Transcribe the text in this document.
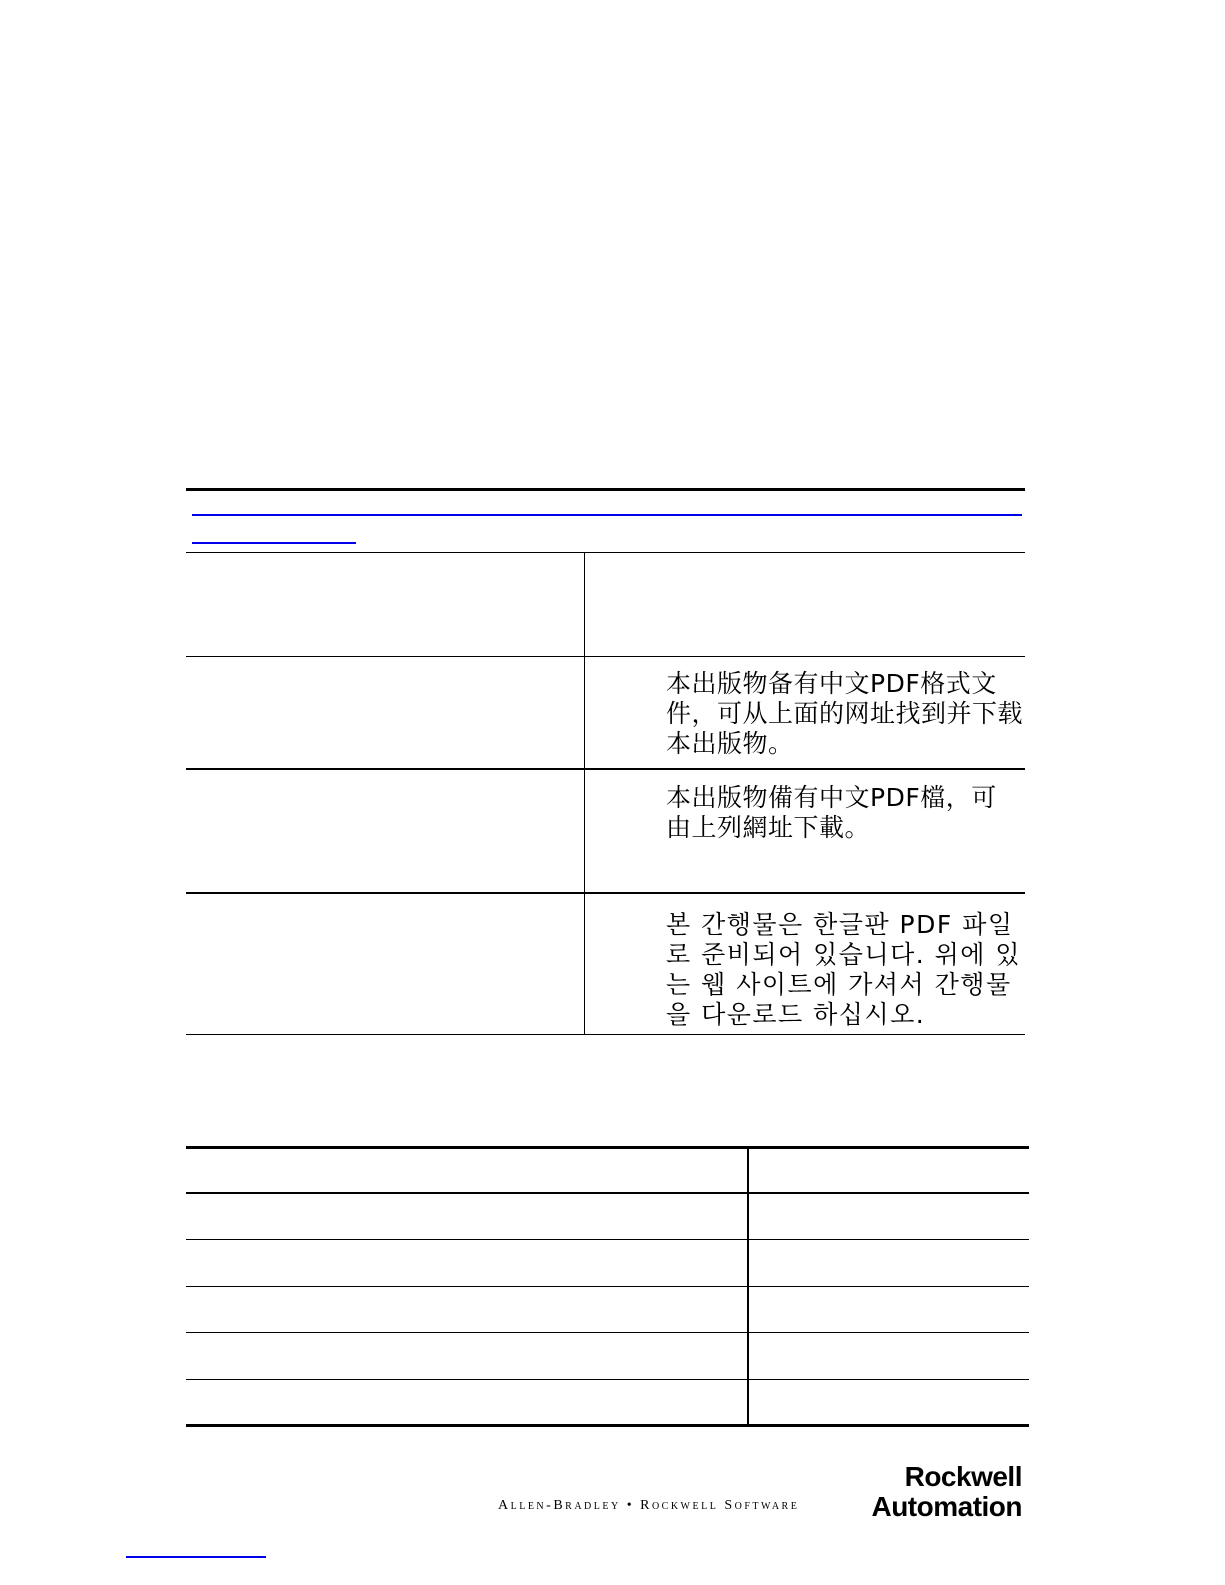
本出版物备有中文PDF格式文件，可从上面的网址找到并下载本出版物。
本出版物備有中文PDF檔，可由上列網址下載。
본 간행물은 한글판 PDF 파일로 준비되어 있습니다. 위에 있는 웹 사이트에 가셔서 간행물을 다운로드 하십시오.
Allen-Bradley • Rockwell Software
Rockwell
Automation
